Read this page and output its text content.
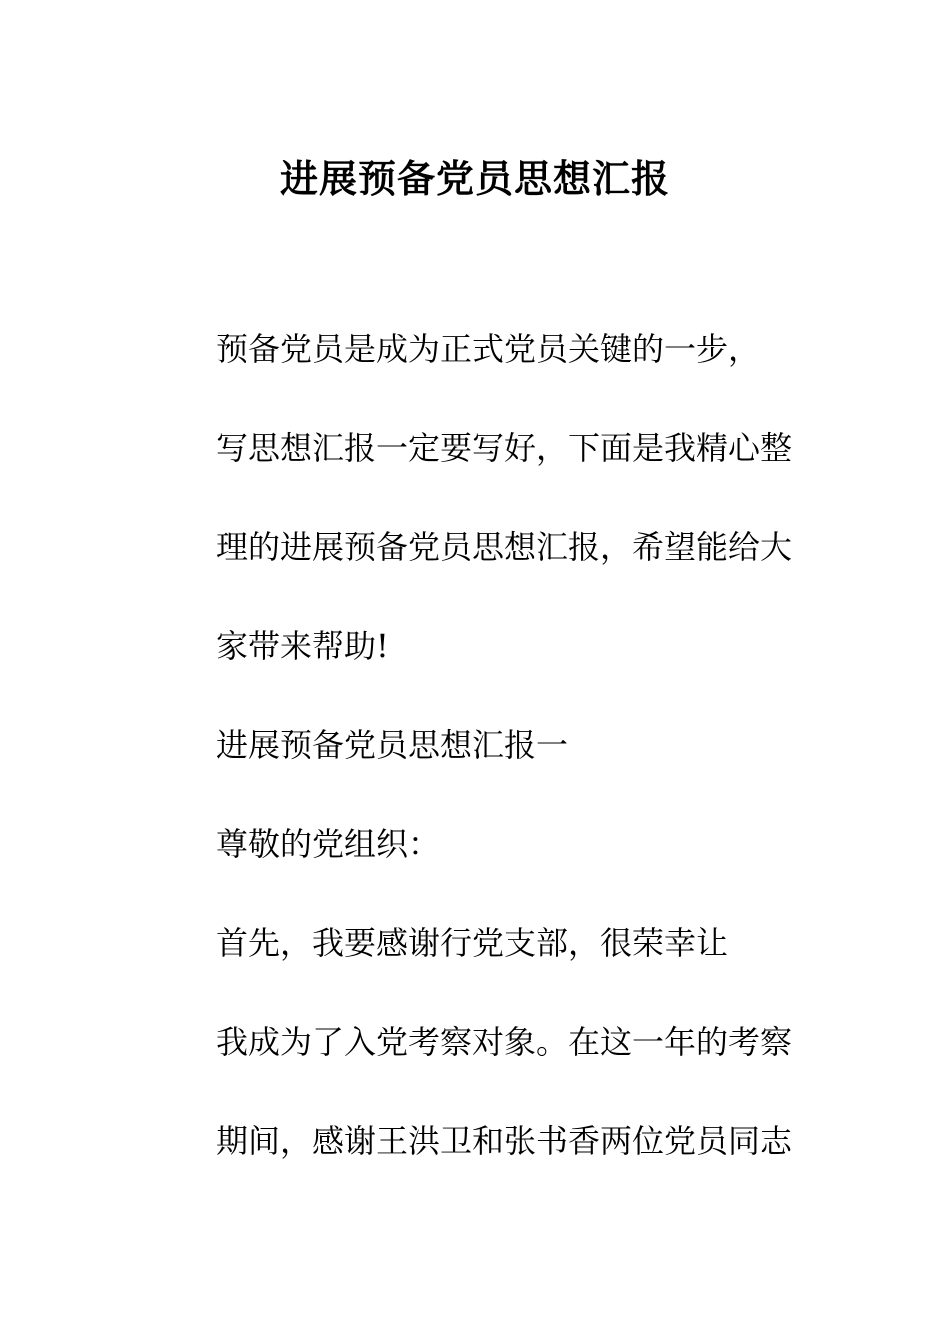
进展预备党员思想汇报

预备党员是成为正式党员关键的一步，
写思想汇报一定要写好，下面是我精心整
理的进展预备党员思想汇报，希望能给大
家带来帮助!

进展预备党员思想汇报一

尊敬的党组织：

首先，我要感谢行党支部，很荣幸让
我成为了入党考察对象。在这一年的考察
期间，感谢王洪卫和张书香两位党员同志
